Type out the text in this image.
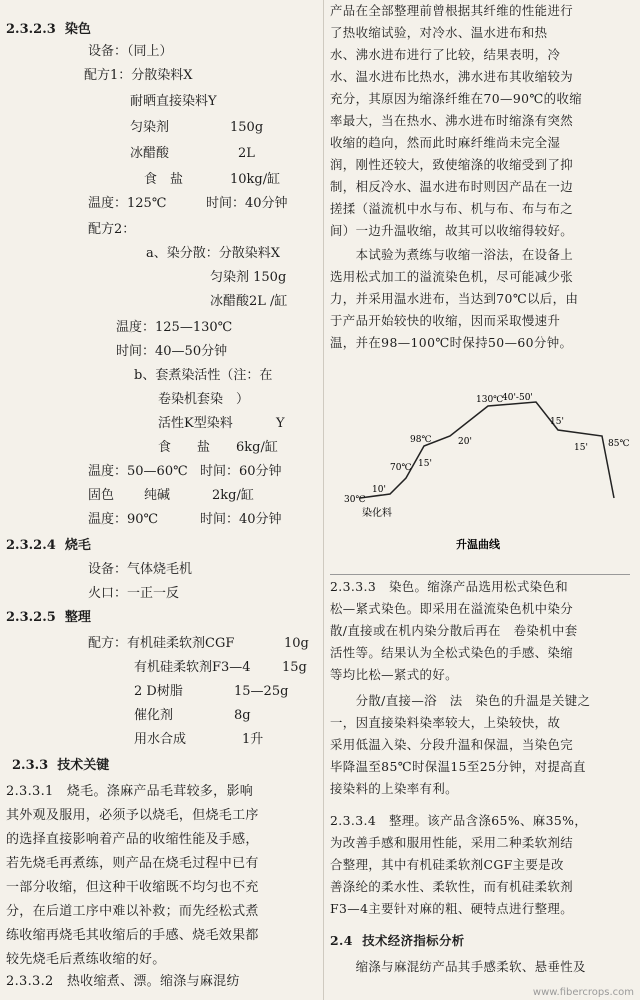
2.3.2.3 染色
设备：（同上）
配方1：分散染料X
耐晒直接染料Y
匀染剂	150g
冰醋酸	2L
食　盐	10kg/缸
温度：125℃	时间：40分钟
配方2：
a、染分散：分散染料X
匀染剂 150g
冰醋酸2L /缸
温度：125—130℃
时间：40—50分钟
b、套煮染活性（注：在
卷染机套染　）
活性K型染料	Y
食　　盐 6kg/缸
温度：50—60℃ 时间：60分钟
固色 纯碱	2kg/缸
温度：90℃	时间：40分钟
2.3.2.4 烧毛
设备：气体烧毛机
火口：一正一反
2.3.2.5 整理
配方：有机硅柔软剂CGF	10g
有机硅柔软剂F3—4 15g
2 D树脂	15—25g
催化剂	8g
用水合成	1升
2.3.3 技术关键
2.3.3.1　烧毛。涤麻产品毛茸较多，影响
其外观及服用，必须予以烧毛，但烧毛工序
的选择直接影响着产品的收缩性能及手感，
若先烧毛再煮练，则产品在烧毛过程中已有
一部分收缩，但这种干收缩既不均匀也不充
分，在后道工序中难以补救；而先经松式煮
练收缩再烧毛其收缩后的手感、烧毛效果都
较先烧毛后煮练收缩的好。
2.3.3.2　热收缩煮、漂。缩涤与麻混纺
产品在全部整理前曾根据其纤维的性能进行
了热收缩试验，对冷水、温水进布和热
水、沸水进布进行了比较，结果表明，冷
水、温水进布比热水，沸水进布其收缩较为
充分，其原因为缩涤纤维在70—90℃的收缩
率最大，当在热水、沸水进布时缩涤有突然
收缩的趋向，然而此时麻纤维尚未完全湿
润，刚性还较大，致使缩涤的收缩受到了抑
制，相反冷水、温水进布时则因产品在一边
搓揉（溢流机中水与布、机与布、布与布之
间）一边升温收缩，故其可以收缩得较好。
　　本试验为煮练与收缩一浴法，在设备上
选用松式加工的溢流染色机，尽可能减少张
力，并采用温水进布，当达到70℃以后，由
于产品开始较快的收缩，因而采取慢速升
温，并在98—100℃时保持50—60分钟。
30℃
10'
染化料
70℃ 15'
98℃	20'
130℃
40'-50'
15'
15' 85℃
升温曲线
2.3.3.3　染色。缩涤产品选用松式染色和
松—紧式染色。即采用在溢流染色机中染分
散/直接或在机内染分散后再在　卷染机中套
活性等。结果认为全松式染色的手感、染缩
等均比松—紧式的好。
　　分散/直接—浴　法　染色的升温是关键之
一，因直接染料染率较大，上染较快，故
采用低温入染、分段升温和保温，当染色完
毕降温至85℃时保温15至25分钟，对提高直
接染料的上染率有利。
2.3.3.4　整理。该产品含涤65%、麻35%，
为改善手感和服用性能，采用二种柔软剂结
合整理，其中有机硅柔软剂CGF主要是改
善涤纶的柔水性、柔软性，而有机硅柔软剂
F3—4主要针对麻的粗、硬特点进行整理。
2.4 技术经济指标分析
　　缩涤与麻混纺产品其手感柔软、悬垂性及
www.fibercrops.com
